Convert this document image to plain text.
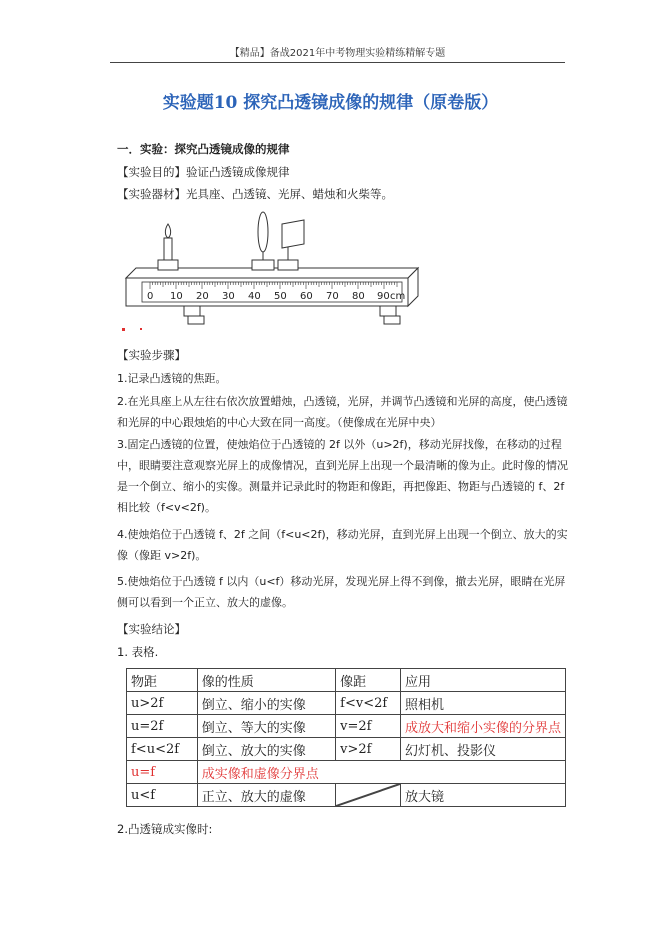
【精品】备战2021年中考物理实验精练精解专题
实验题10 探究凸透镜成像的规律（原卷版）
一．实验：探究凸透镜成像的规律
【实验目的】验证凸透镜成像规律
【实验器材】光具座、凸透镜、光屏、蜡烛和火柴等。
0 10 20 30 40 50 60 70 80 90 cm
【实验步骤】
1.记录凸透镜的焦距。
2.在光具座上从左往右依次放置蜡烛，凸透镜，光屏，并调节凸透镜和光屏的高度，使凸透镜和光屏的中心跟烛焰的中心大致在同一高度。（使像成在光屏中央）
3.固定凸透镜的位置，使烛焰位于凸透镜的 2f 以外（u>2f)，移动光屏找像，在移动的过程中，眼睛要注意观察光屏上的成像情况，直到光屏上出现一个最清晰的像为止。此时像的情况是一个倒立、缩小的实像。测量并记录此时的物距和像距，再把像距、物距与凸透镜的 f、2f 相比较（f<v<2f)。
4.使烛焰位于凸透镜 f、2f 之间（f<u<2f)，移动光屏，直到光屏上出现一个倒立、放大的实像（像距 v>2f)。
5.使烛焰位于凸透镜 f 以内（u<f）移动光屏，发现光屏上得不到像，撤去光屏，眼睛在光屏侧可以看到一个正立、放大的虚像。
【实验结论】
1. 表格.
物距	像的性质	像距	应用
u>2f	倒立、缩小的实像	f<v<2f	照相机
u=2f	倒立、等大的实像	v=2f	成放大和缩小实像的分界点
f<u<2f	倒立、放大的实像	v>2f	幻灯机、投影仪
u=f	成实像和虚像分界点		
u<f	正立、放大的虚像		放大镜
2.凸透镜成实像时:
